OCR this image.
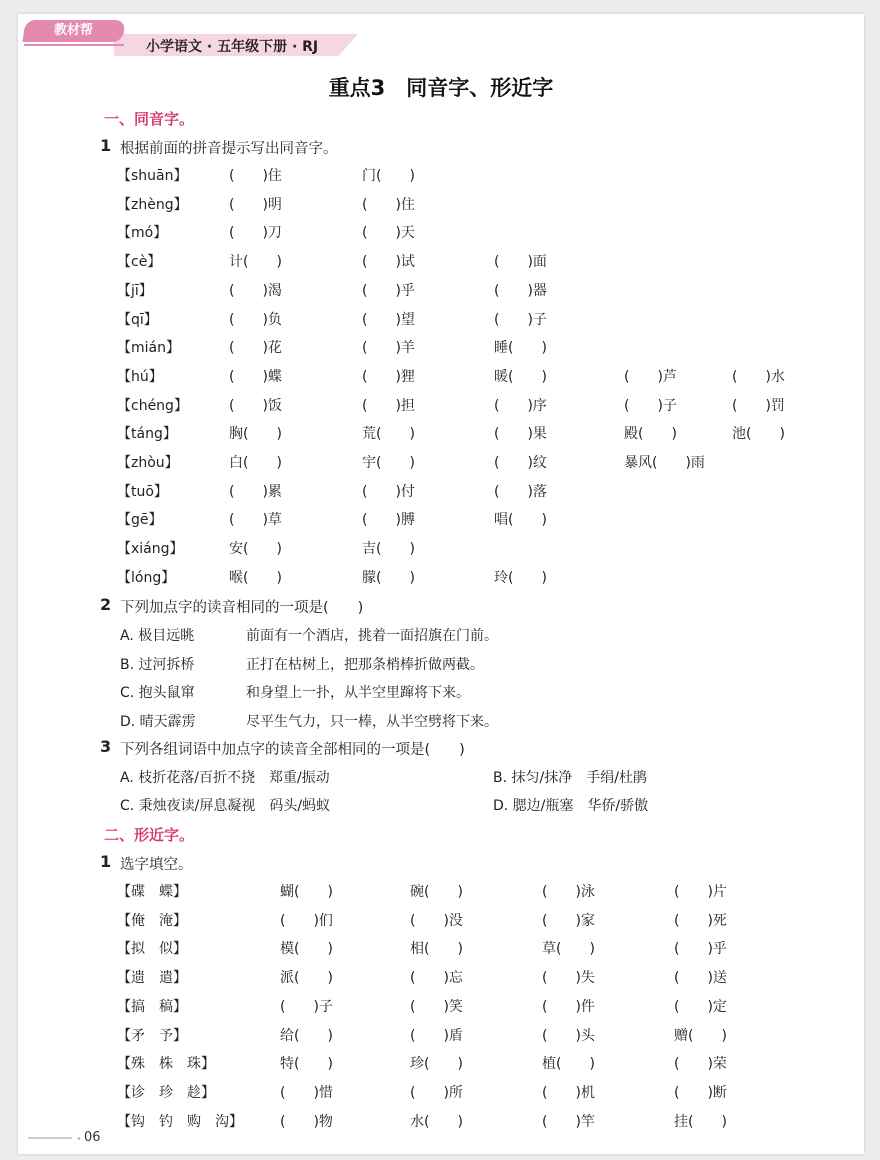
教材帮
小学语文 · 五年级下册 · RJ
重点3　同音字、形近字
一、同音字。
1 根据前面的拼音提示写出同音字。
【shuān】	(　　)住	门(　　)
【zhèng】	(　　)明	(　　)住
【mó】	(　　)刀	(　　)天
【cè】	计(　　)	(　　)试	(　　)面
【jī】	(　　)渴	(　　)乎	(　　)器
【qī】	(　　)负	(　　)望	(　　)子
【mián】	(　　)花	(　　)羊	睡(　　)
【hú】	(　　)蝶	(　　)狸	暖(　　)	(　　)芦	(　　)水
【chéng】	(　　)饭	(　　)担	(　　)序	(　　)子	(　　)罚
【táng】	胸(　　)	荒(　　)	(　　)果	殿(　　)	池(　　)
【zhòu】	白(　　)	宇(　　)	(　　)纹	暴风(　　)雨
【tuō】	(　　)累	(　　)付	(　　)落
【gē】	(　　)草	(　　)膊	唱(　　)
【xiáng】	安(　　)	吉(　　)
【lóng】	喉(　　)	朦(　　)	玲(　　)
2 下列加点字的读音相同的一项是(　　)
A. 极目远眺	前面有一个酒店，挑着一面招旗在门前。
B. 过河拆桥	正打在枯树上，把那条梢棒折做两截。
C. 抱头鼠窜	和身望上一扑，从半空里蹿将下来。
D. 晴天霹雳	尽平生气力，只一棒，从半空劈将下来。
3 下列各组词语中加点字的读音全部相同的一项是(　　)
A. 枝折花落/百折不挠　郑重/振动	B. 抹匀/抹净　手绢/杜鹃
C. 秉烛夜读/屏息凝视　码头/蚂蚁	D. 腮边/瓶塞　华侨/骄傲
二、形近字。
1 选字填空。
【碟　蝶】	蝴(　　)	碗(　　)	(　　)泳	(　　)片
【俺　淹】	(　　)们	(　　)没	(　　)家	(　　)死
【拟　似】	模(　　)	相(　　)	草(　　)	(　　)乎
【遗　遣】	派(　　)	(　　)忘	(　　)失	(　　)送
【搞　稿】	(　　)子	(　　)笑	(　　)件	(　　)定
【矛　予】	给(　　)	(　　)盾	(　　)头	赠(　　)
【殊　株　珠】	特(　　)	珍(　　)	植(　　)	(　　)荣
【诊　珍　趁】	(　　)惜	(　　)所	(　　)机	(　　)断
【钩　钓　购　沟】	(　　)物	水(　　)	(　　)竿	挂(　　)
• 06
